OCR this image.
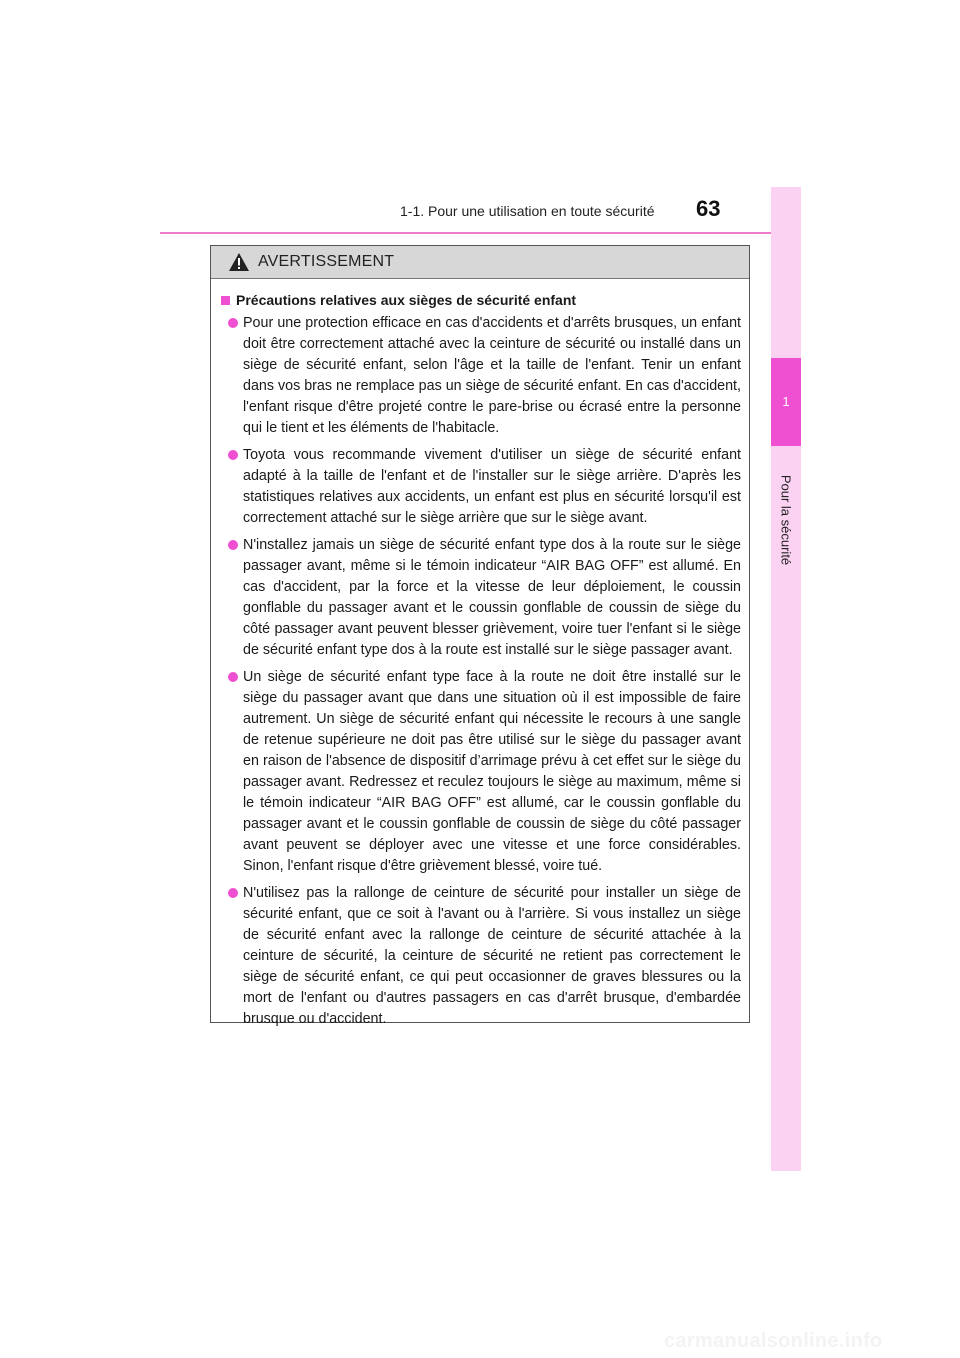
1-1. Pour une utilisation en toute sécurité	63
1
Pour la sécurité
AVERTISSEMENT
Précautions relatives aux sièges de sécurité enfant
Pour une protection efficace en cas d'accidents et d'arrêts brusques, un enfant doit être correctement attaché avec la ceinture de sécurité ou installé dans un siège de sécurité enfant, selon l'âge et la taille de l'enfant. Tenir un enfant dans vos bras ne remplace pas un siège de sécurité enfant. En cas d'accident, l'enfant risque d'être projeté contre le pare-brise ou écrasé entre la personne qui le tient et les éléments de l'habitacle.
Toyota vous recommande vivement d'utiliser un siège de sécurité enfant adapté à la taille de l'enfant et de l'installer sur le siège arrière. D'après les statistiques relatives aux accidents, un enfant est plus en sécurité lorsqu'il est correctement attaché sur le siège arrière que sur le siège avant.
N'installez jamais un siège de sécurité enfant type dos à la route sur le siège passager avant, même si le témoin indicateur “AIR BAG OFF” est allumé. En cas d'accident, par la force et la vitesse de leur déploiement, le coussin gonflable du passager avant et le coussin gonflable de coussin de siège du côté passager avant peuvent blesser grièvement, voire tuer l'enfant si le siège de sécurité enfant type dos à la route est installé sur le siège passager avant.
Un siège de sécurité enfant type face à la route ne doit être installé sur le siège du passager avant que dans une situation où il est impossible de faire autrement. Un siège de sécurité enfant qui nécessite le recours à une sangle de retenue supérieure ne doit pas être utilisé sur le siège du passager avant en raison de l'absence de dispositif d’arrimage prévu à cet effet sur le siège du passager avant. Redressez et reculez toujours le siège au maximum, même si le témoin indicateur “AIR BAG OFF” est allumé, car le coussin gonflable du passager avant et le coussin gonflable de coussin de siège du côté passager avant peuvent se déployer avec une vitesse et une force considérables. Sinon, l'enfant risque d'être grièvement blessé, voire tué.
N'utilisez pas la rallonge de ceinture de sécurité pour installer un siège de sécurité enfant, que ce soit à l'avant ou à l'arrière. Si vous installez un siège de sécurité enfant avec la rallonge de ceinture de sécurité attachée à la ceinture de sécurité, la ceinture de sécurité ne retient pas correctement le siège de sécurité enfant, ce qui peut occasionner de graves blessures ou la mort de l'enfant ou d'autres passagers en cas d'arrêt brusque, d'embardée brusque ou d'accident.
carmanualsonline.info
